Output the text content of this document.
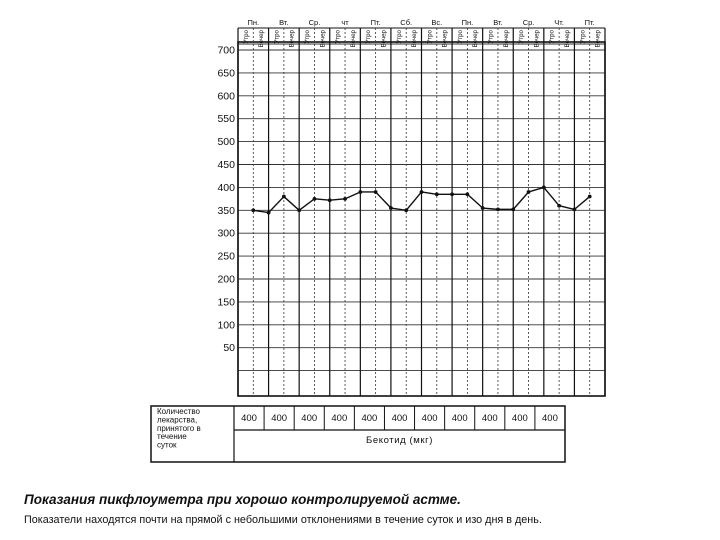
Пн.	Вт.	Ср.	чт	Пт.	Сб.	Вс.	Пн.	Вт.	Ср.	Чт.	Пт.
Утро Вечер Утро Вечер Утро Вечер Утро Вечер Утро Вечер Утро Вечер Утро Вечер Утро Вечер Утро Вечер Утро Вечер Утро Вечер Утро Вечер
700
650
600
550
500
450
400
350
300
250
200
150
100
50
400 400 400 400 400 400 400 400 400 400 400
Бекотид (мкг)
Количество лекарства, принятого в течение суток

Показания пикфлоуметра при хорошо контролируемой астме.

Показатели находятся почти на прямой с небольшими отклонениями в течение суток и изо дня в день.
